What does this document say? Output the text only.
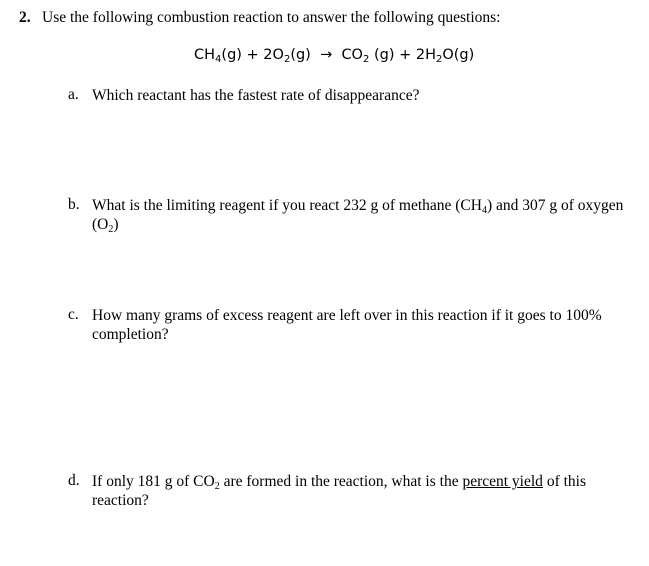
2. Use the following combustion reaction to answer the following questions:
$CH_4(g) + 2O_2(g) \to CO_2$ $(g) + 2H_2O(g)$
a. Which reactant has the fastest rate of disappearance?
b. What is the limiting reagent if you react 232 g of methane $(CH_4)$ and 307 g of oxygen
$(O_2)$
c. How many grams of excess reagent are left over in this reaction if it goes to 100%
completion?
d. If only 181 g of $CO_2$ are formed in the reaction, what is the percent yield of this
reaction?
